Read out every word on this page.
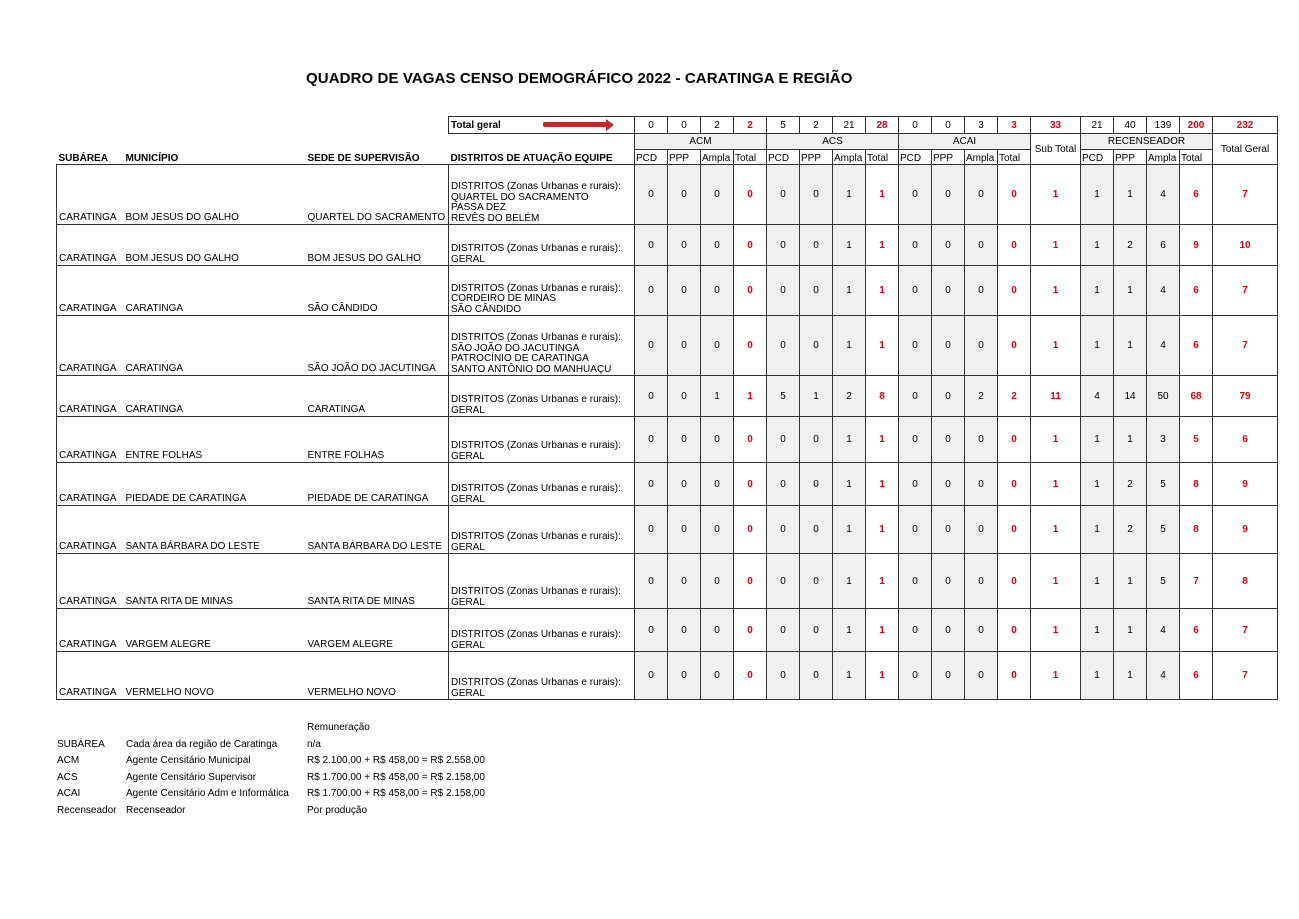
QUADRO DE VAGAS CENSO DEMOGRÁFICO 2022 - CARATINGA E REGIÃO
			Total geral	0	0	2	2	5	2	21	28	0	0	3	3	33	21	40	139	200	232
				ACM				ACS				ACAI				Sub Total	RECENSEADOR				Total Geral
SUBÁREA	MUNICÍPIO	SEDE DE SUPERVISÃO	DISTRITOS DE ATUAÇÃO EQUIPE	PCD	PPP	Ampla	Total	PCD	PPP	Ampla	Total	PCD	PPP	Ampla	Total		PCD	PPP	Ampla	Total	
CARATINGA	BOM JESUS DO GALHO	QUARTEL DO SACRAMENTO	DISTRITOS (Zonas Urbanas e rurais):
QUARTEL DO SACRAMENTO
PASSA DEZ
REVÊS DO BELÉM	0	0	0	0	0	0	1	1	0	0	0	0	1	1	1	4	6	7
CARATINGA	BOM JESUS DO GALHO	BOM JESUS DO GALHO	DISTRITOS (Zonas Urbanas e rurais):
GERAL	0	0	0	0	0	0	1	1	0	0	0	0	1	1	2	6	9	10
CARATINGA	CARATINGA	SÃO CÂNDIDO	DISTRITOS (Zonas Urbanas e rurais):
CORDEIRO DE MINAS
SÃO CÂNDIDO	0	0	0	0	0	0	1	1	0	0	0	0	1	1	1	4	6	7
CARATINGA	CARATINGA	SÃO JOÃO DO JACUTINGA	DISTRITOS (Zonas Urbanas e rurais):
SÃO JOÃO DO JACUTINGA
PATROCÍNIO DE CARATINGA
SANTO ANTÔNIO DO MANHUAÇU	0	0	0	0	0	0	1	1	0	0	0	0	1	1	1	4	6	7
CARATINGA	CARATINGA	CARATINGA	DISTRITOS (Zonas Urbanas e rurais):
GERAL	0	0	1	1	5	1	2	8	0	0	2	2	11	4	14	50	68	79
CARATINGA	ENTRE FOLHAS	ENTRE FOLHAS	DISTRITOS (Zonas Urbanas e rurais):
GERAL	0	0	0	0	0	0	1	1	0	0	0	0	1	1	1	3	5	6
CARATINGA	PIEDADE DE CARATINGA	PIEDADE DE CARATINGA	DISTRITOS (Zonas Urbanas e rurais):
GERAL	0	0	0	0	0	0	1	1	0	0	0	0	1	1	2	5	8	9
CARATINGA	SANTA BÁRBARA DO LESTE	SANTA BÁRBARA DO LESTE	DISTRITOS (Zonas Urbanas e rurais):
GERAL	0	0	0	0	0	0	1	1	0	0	0	0	1	1	2	5	8	9
CARATINGA	SANTA RITA DE MINAS	SANTA RITA DE MINAS	DISTRITOS (Zonas Urbanas e rurais):
GERAL	0	0	0	0	0	0	1	1	0	0	0	0	1	1	1	5	7	8
CARATINGA	VARGEM ALEGRE	VARGEM ALEGRE	DISTRITOS (Zonas Urbanas e rurais):
GERAL	0	0	0	0	0	0	1	1	0	0	0	0	1	1	1	4	6	7
CARATINGA	VERMELHO NOVO	VERMELHO NOVO	DISTRITOS (Zonas Urbanas e rurais):
GERAL	0	0	0	0	0	0	1	1	0	0	0	0	1	1	1	4	6	7
		Remuneração
SUBÁREA	Cada área da região de Caratinga	n/a
ACM	Agente Censitário Municipal	R$ 2.100,00 + R$ 458,00 = R$ 2.558,00
ACS	Agente Censitário Supervisor	R$ 1.700,00 + R$ 458,00 = R$ 2.158,00
ACAI	Agente Censitário Adm e Informática	R$ 1.700,00 + R$ 458,00 = R$ 2.158,00
Recenseador	Recenseador	Por produção
